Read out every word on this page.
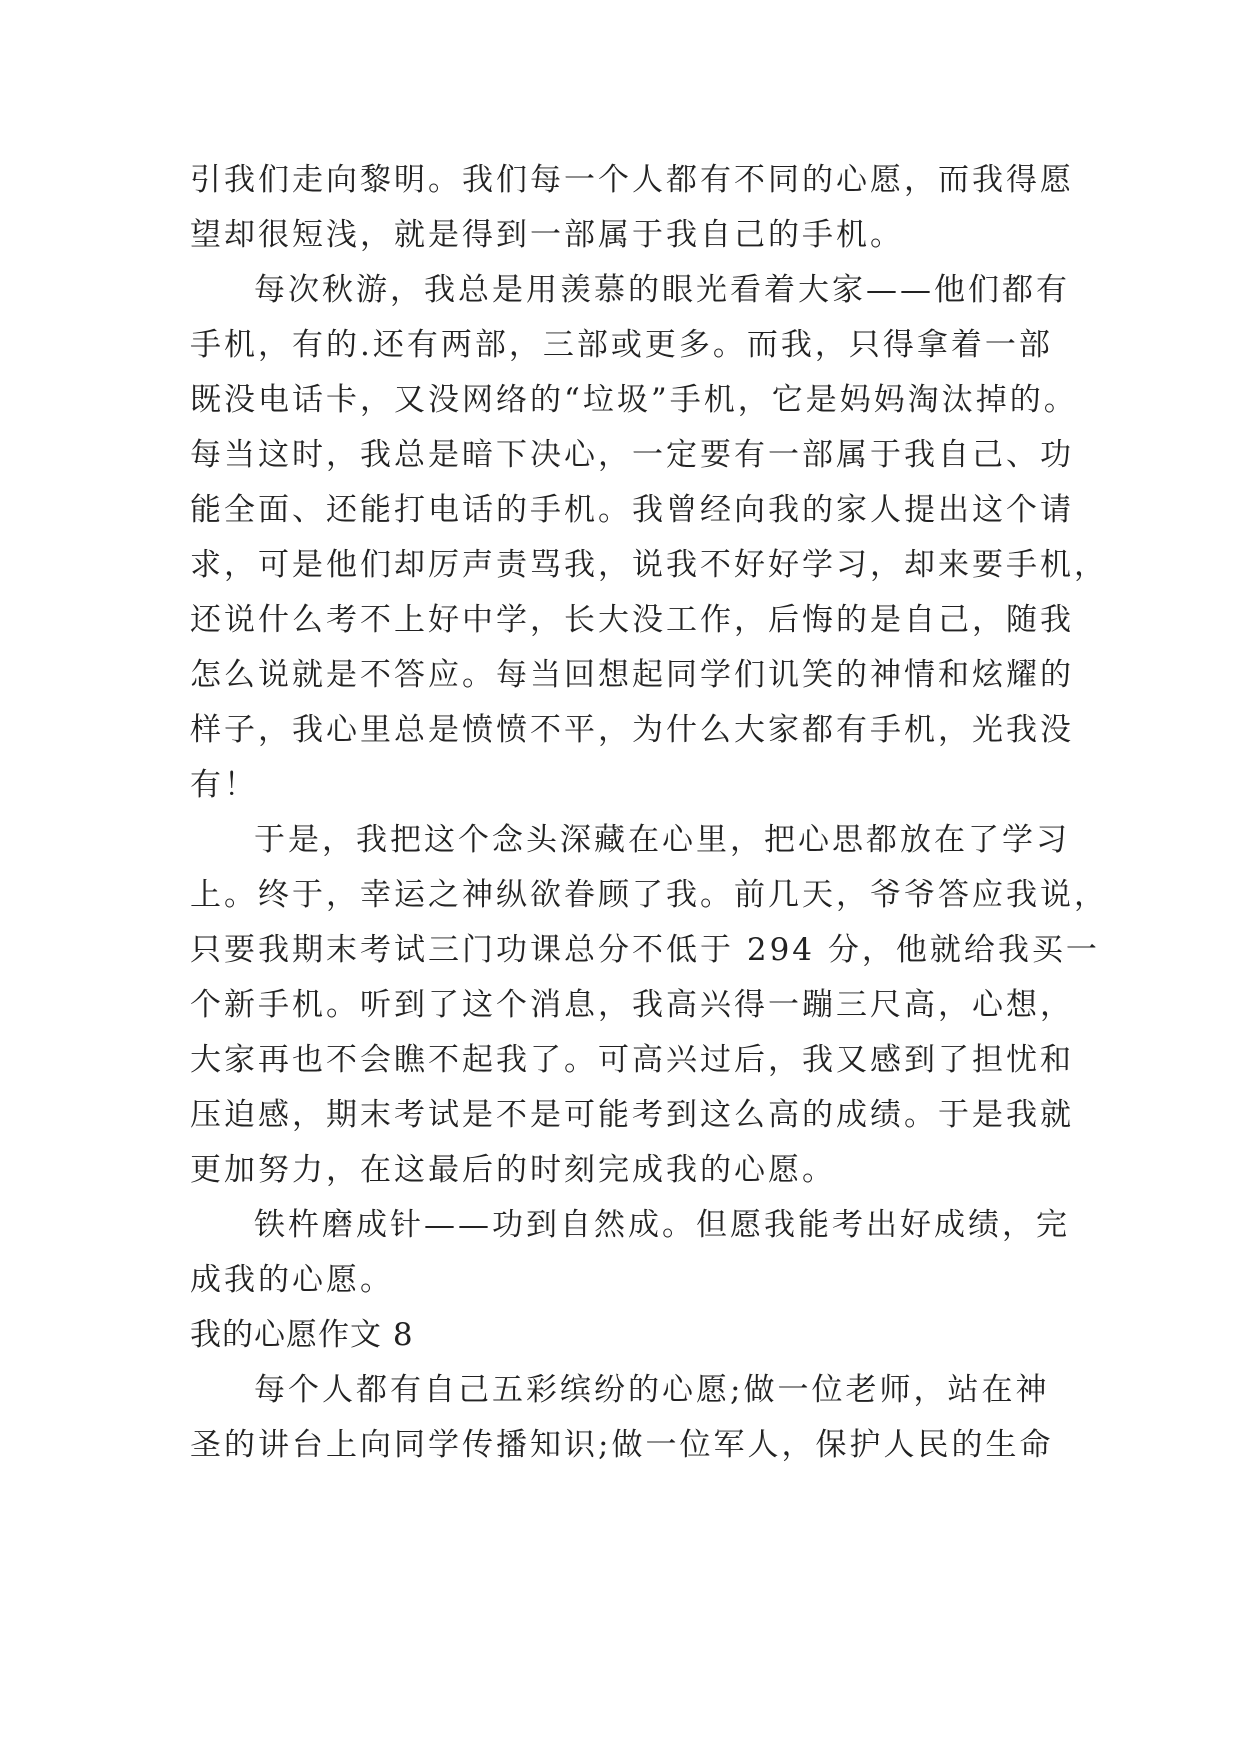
引我们走向黎明。我们每一个人都有不同的心愿，而我得愿
望却很短浅，就是得到一部属于我自己的手机。
每次秋游，我总是用羡慕的眼光看着大家——他们都有
手机，有的.还有两部，三部或更多。而我，只得拿着一部
既没电话卡，又没网络的“垃圾”手机，它是妈妈淘汰掉的。
每当这时，我总是暗下决心，一定要有一部属于我自己、功
能全面、还能打电话的手机。我曾经向我的家人提出这个请
求，可是他们却厉声责骂我，说我不好好学习，却来要手机，
还说什么考不上好中学，长大没工作，后悔的是自己，随我
怎么说就是不答应。每当回想起同学们讥笑的神情和炫耀的
样子，我心里总是愤愤不平，为什么大家都有手机，光我没
有！
于是，我把这个念头深藏在心里，把心思都放在了学习
上。终于，幸运之神纵欲眷顾了我。前几天，爷爷答应我说，
只要我期末考试三门功课总分不低于 294 分，他就给我买一
个新手机。听到了这个消息，我高兴得一蹦三尺高，心想，
大家再也不会瞧不起我了。可高兴过后，我又感到了担忧和
压迫感，期末考试是不是可能考到这么高的成绩。于是我就
更加努力，在这最后的时刻完成我的心愿。
铁杵磨成针——功到自然成。但愿我能考出好成绩，完
成我的心愿。
我的心愿作文 8
每个人都有自己五彩缤纷的心愿;做一位老师，站在神
圣的讲台上向同学传播知识;做一位军人，保护人民的生命
